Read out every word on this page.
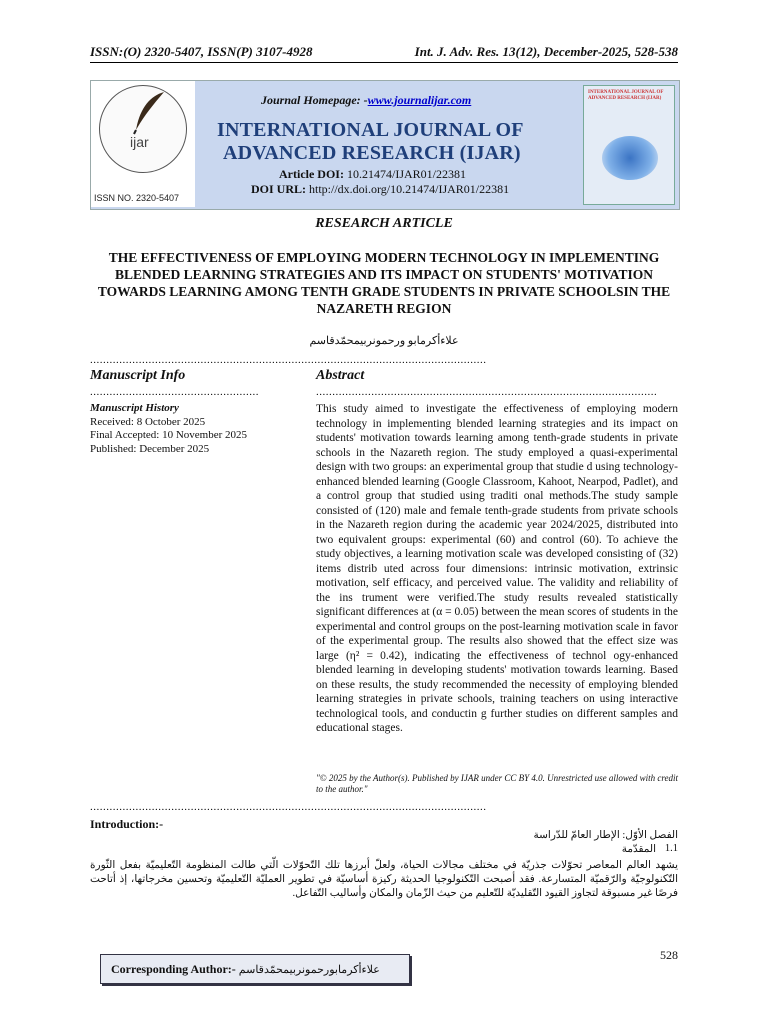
ISSN:(O) 2320-5407, ISSN(P) 3107-4928	Int. J. Adv. Res. 13(12), December-2025, 528-538
ijar
ISSN NO. 2320-5407
Journal Homepage: -www.journalijar.com
INTERNATIONAL JOURNAL OF
ADVANCED RESEARCH (IJAR)
Article DOI: 10.21474/IJAR01/22381
DOI URL: http://dx.doi.org/10.21474/IJAR01/22381
INTERNATIONAL JOURNAL OF ADVANCED RESEARCH (IJAR)
RESEARCH ARTICLE
THE EFFECTIVENESS OF EMPLOYING MODERN TECHNOLOGY IN IMPLEMENTING BLENDED LEARNING STRATEGIES AND ITS IMPACT ON STUDENTS' MOTIVATION TOWARDS LEARNING AMONG TENTH GRADE STUDENTS IN PRIVATE SCHOOLSIN THE NAZARETH REGION
علاءأكرمابو ورحمونربيمحمّدقاسم
..........................................................................................................................
Manuscript Info	Abstract
....................................................	.........................................................................................................
Manuscript History
Received: 8 October 2025
Final Accepted: 10 November 2025
Published: December 2025
This study aimed to investigate the effectiveness of employing modern technology in implementing blended learning strategies and its impact on students' motivation towards learning among tenth-grade students in private schools in the Nazareth region. The study employed a quasi-experimental design with two groups: an experimental group that studie d using technology-enhanced blended learning (Google Classroom, Kahoot, Nearpod, Padlet), and a control group that studied using traditi onal methods.The study sample consisted of (120) male and female tenth-grade students from private schools in the Nazareth region during the academic year 2024/2025, distributed into two equivalent groups: experimental (60) and control (60). To achieve the study objectives, a learning motivation scale was developed consisting of (32) items distrib uted across four dimensions: intrinsic motivation, extrinsic motivation, self efficacy, and perceived value. The validity and reliability of the ins trument were verified.The study results revealed statistically significant differences at (α = 0.05) between the mean scores of students in the experimental and control groups on the post-learning motivation scale in favor of the experimental group. The results also showed that the effect size was large (η² = 0.42), indicating the effectiveness of technol ogy-enhanced blended learning in developing students' motivation towards learning. Based on these results, the study recommended the necessity of employing blended learning strategies in private schools, training teachers on using interactive technological tools, and conductin g further studies on different samples and educational stages.
"© 2025 by the Author(s). Published by IJAR under CC BY 4.0. Unrestricted use allowed with credit to the author."
..........................................................................................................................
Introduction:-
الفصل الأوّل: الإطار العامّ للدّراسة
1.1
المقدّمة
يشهد العالم المعاصر تحوّلات جذريّة في مختلف مجالات الحياة، ولعلّ أبرزها تلك التّحوّلات الّتي طالت المنظومة التّعليميّة بفعل الثّورة التّكنولوجيّة والرّقميّة المتسارعة. فقد أصبحت التّكنولوجيا الحديثة ركيزة أساسيّة في تطوير العمليّة التّعليميّة وتحسين مخرجاتها، إذ أتاحت فرصًا غير مسبوقة لتجاوز القيود التّقليديّة للتّعليم من حيث الزّمان والمكان وأساليب التّفاعل.
528
Corresponding Author:- علاءأكرمابورحمونربيمحمّدقاسم
